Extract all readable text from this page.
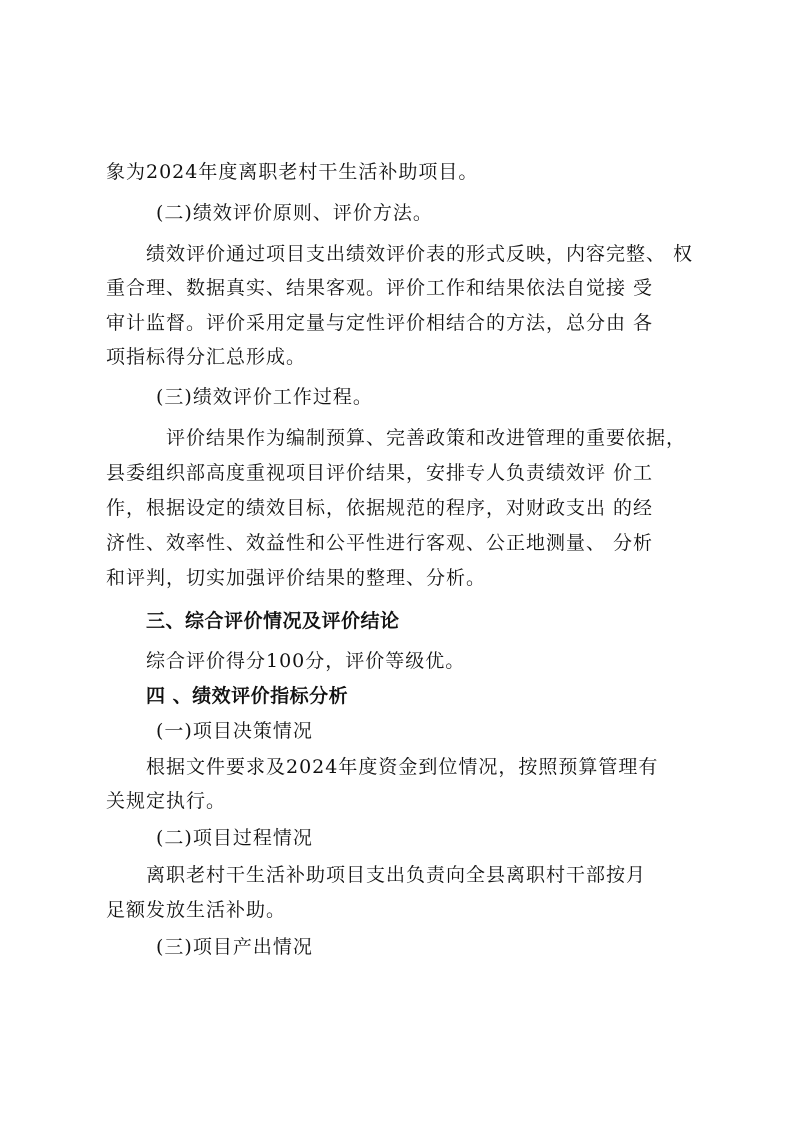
象为2024年度离职老村干生活补助项目。
(二)绩效评价原则、评价方法。
绩效评价通过项目支出绩效评价表的形式反映，内容完整、 权
重合理、数据真实、结果客观。评价工作和结果依法自觉接 受
审计监督。评价采用定量与定性评价相结合的方法，总分由 各
项指标得分汇总形成。
(三)绩效评价工作过程。
评价结果作为编制预算、完善政策和改进管理的重要依据，
县委组织部高度重视项目评价结果，安排专人负责绩效评 价工
作，根据设定的绩效目标，依据规范的程序，对财政支出 的经
济性、效率性、效益性和公平性进行客观、公正地测量、 分析
和评判，切实加强评价结果的整理、分析。
三、综合评价情况及评价结论
综合评价得分100分，评价等级优。
四 、绩效评价指标分析
(一)项目决策情况
根据文件要求及2024年度资金到位情况，按照预算管理有
关规定执行。
(二)项目过程情况
离职老村干生活补助项目支出负责向全县离职村干部按月
足额发放生活补助。
(三)项目产出情况
